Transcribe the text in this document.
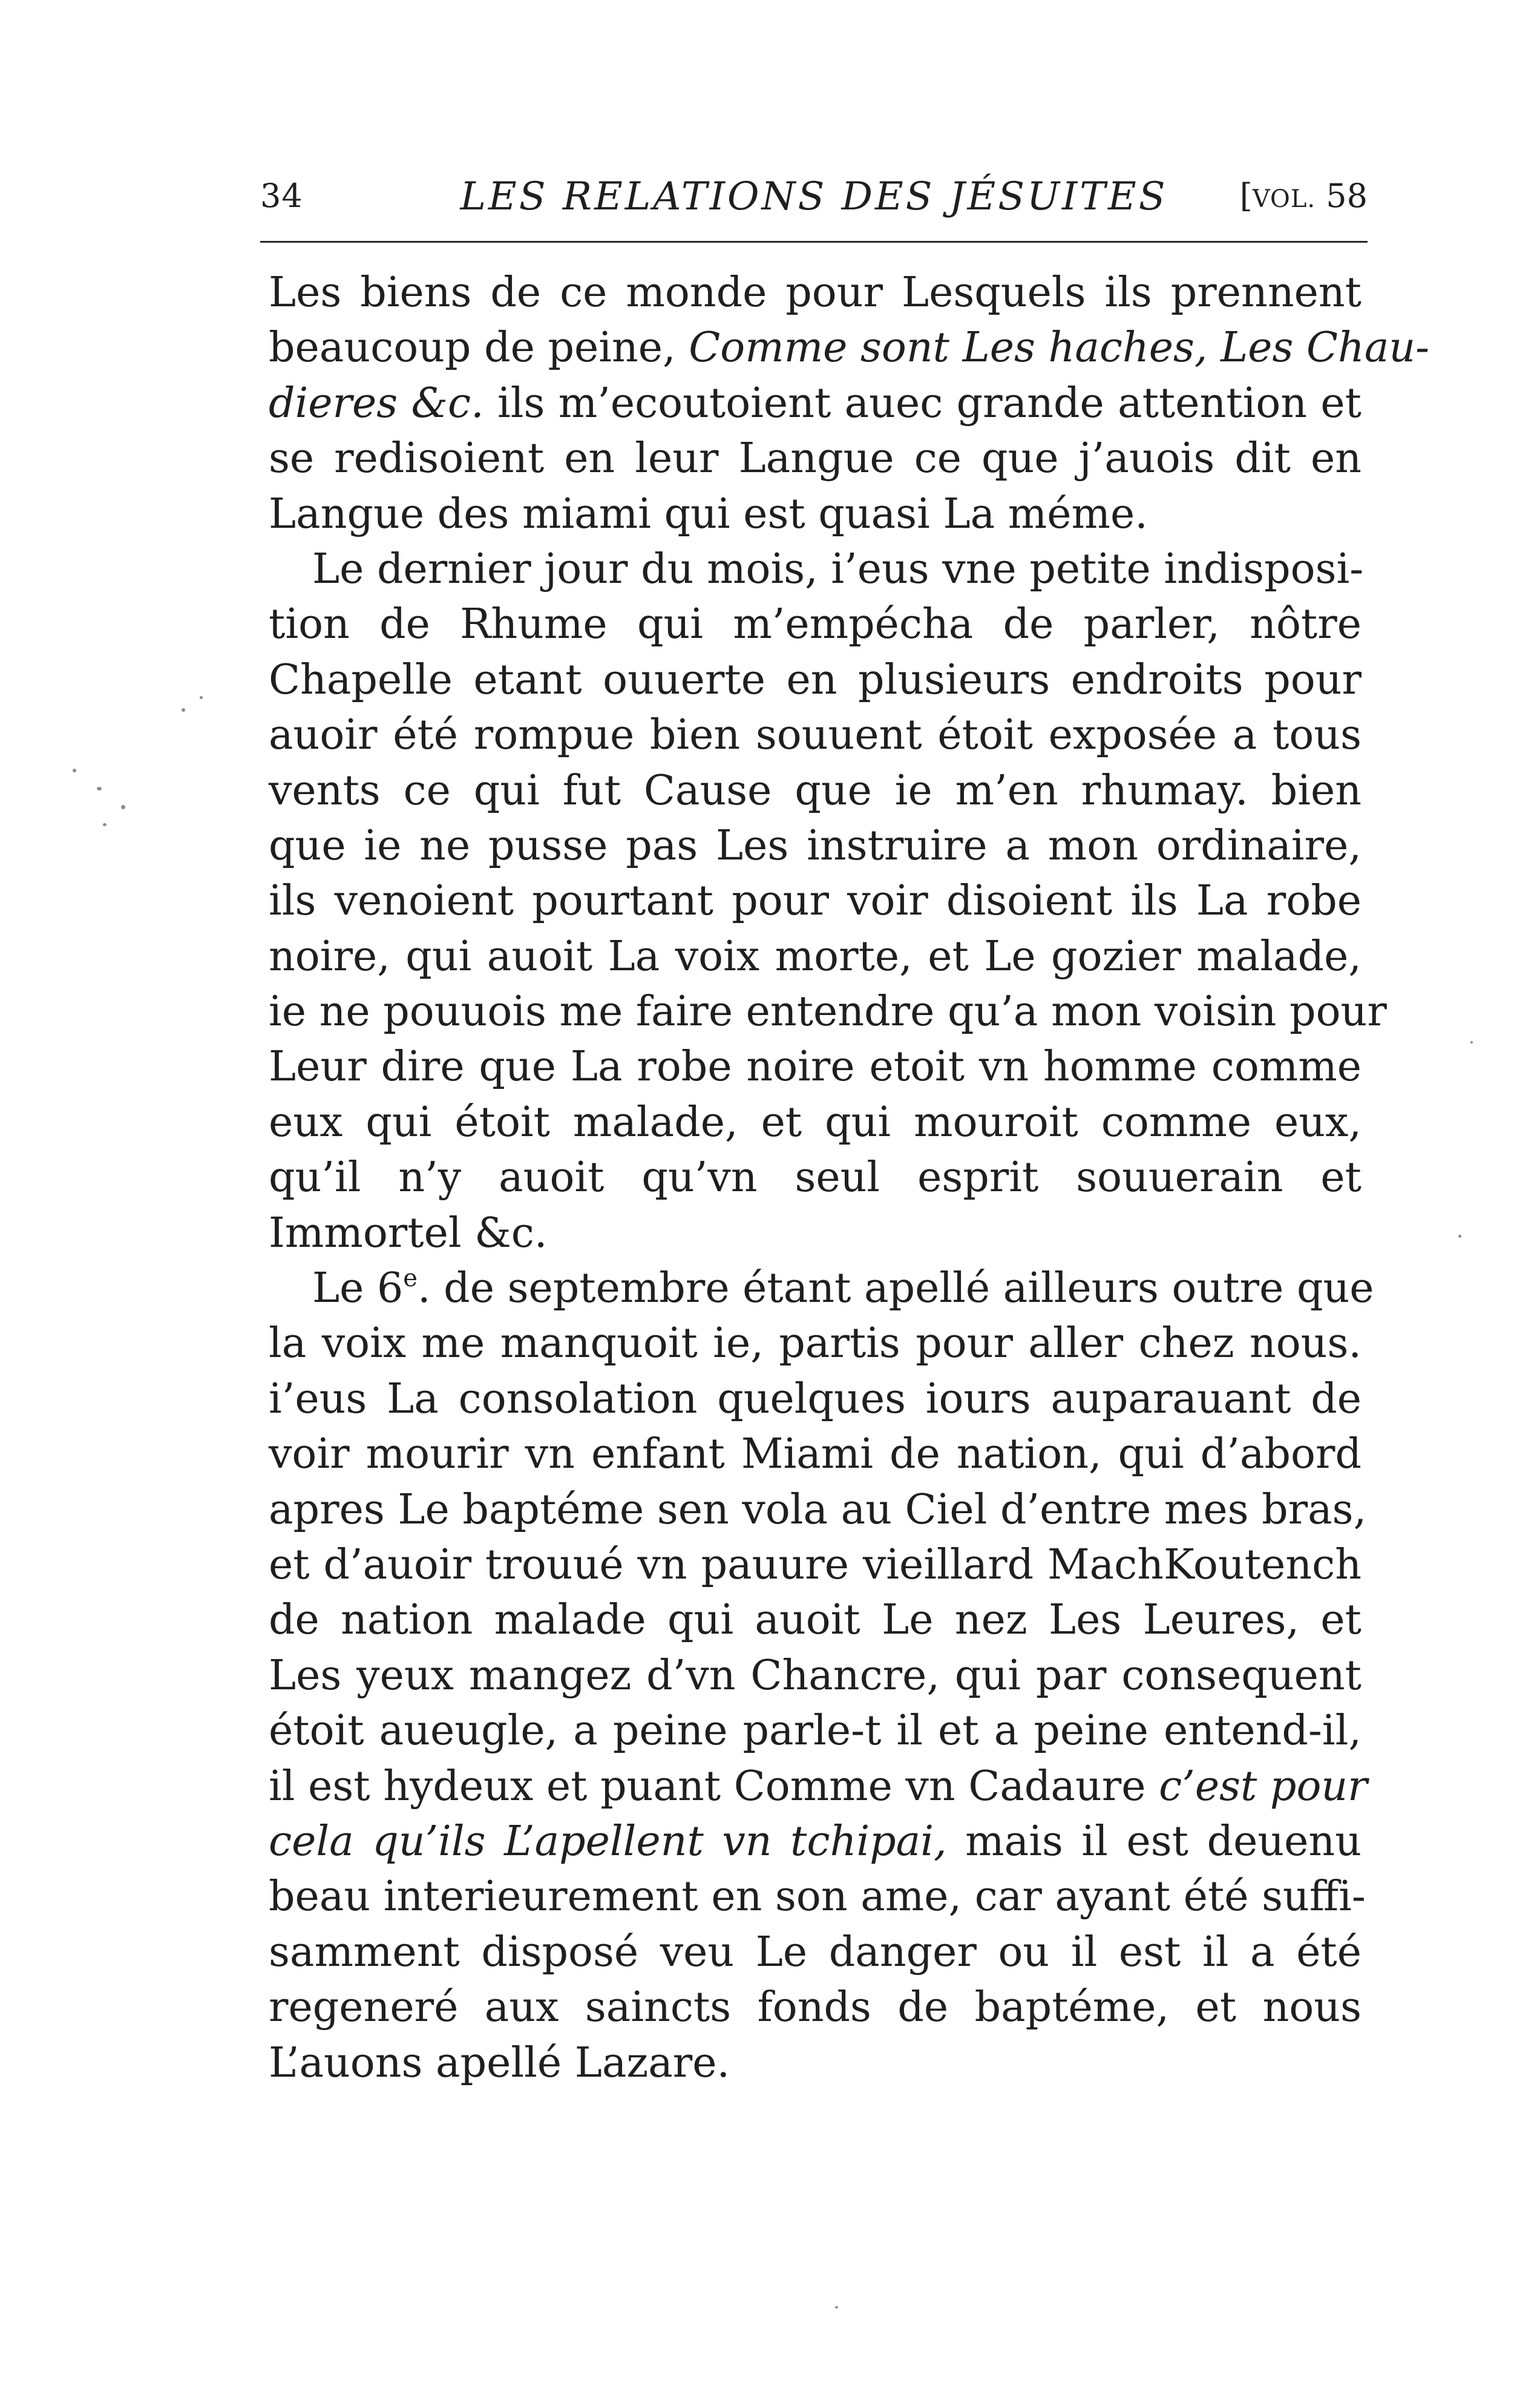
34	LES RELATIONS DES JÉSUITES	[VOL. 58
Les biens de ce monde pour Lesquels ils prennent
beaucoup de peine, Comme sont Les haches, Les Chau-
dieres &c. ils m’ecoutoient auec grande attention et
se redisoient en leur Langue ce que j’auois dit en
Langue des miami qui est quasi La méme.
Le dernier jour du mois, i’eus vne petite indisposi-
tion de Rhume qui m’empécha de parler, nôtre
Chapelle etant ouuerte en plusieurs endroits pour
auoir été rompue bien souuent étoit exposée a tous
vents ce qui fut Cause que ie m’en rhumay. bien
que ie ne pusse pas Les instruire a mon ordinaire,
ils venoient pourtant pour voir disoient ils La robe
noire, qui auoit La voix morte, et Le gozier malade,
ie ne pouuois me faire entendre qu’a mon voisin pour
Leur dire que La robe noire etoit vn homme comme
eux qui étoit malade, et qui mouroit comme eux,
qu’il n’y auoit qu’vn seul esprit souuerain et
Immortel &c.
Le 6e. de septembre étant apellé ailleurs outre que
la voix me manquoit ie, partis pour aller chez nous.
i’eus La consolation quelques iours auparauant de
voir mourir vn enfant Miami de nation, qui d’abord
apres Le baptéme sen vola au Ciel d’entre mes bras,
et d’auoir trouué vn pauure vieillard MachKoutench
de nation malade qui auoit Le nez Les Leures, et
Les yeux mangez d’vn Chancre, qui par consequent
étoit aueugle, a peine parle-t il et a peine entend-il,
il est hydeux et puant Comme vn Cadaure c’est pour
cela qu’ils L’apellent vn tchipai, mais il est deuenu
beau interieurement en son ame, car ayant été suffi-
samment disposé veu Le danger ou il est il a été
regeneré aux saincts fonds de baptéme, et nous
L’auons apellé Lazare.
